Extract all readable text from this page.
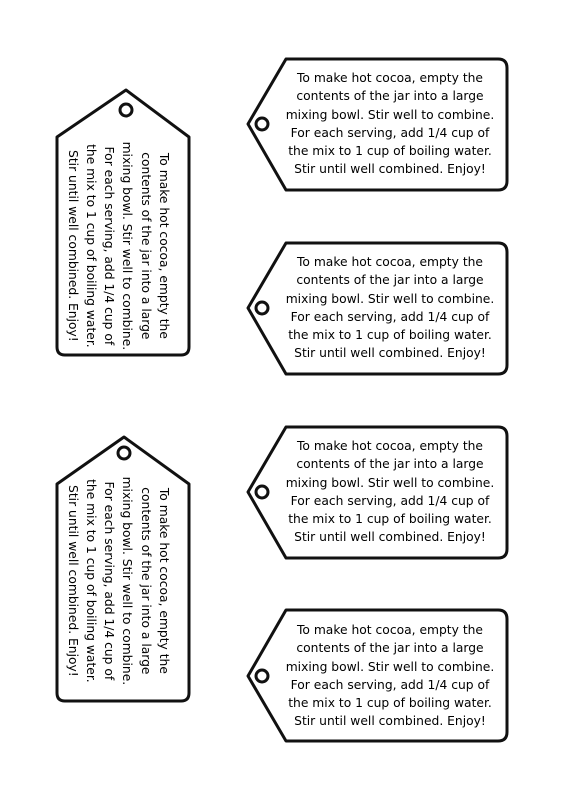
To make hot cocoa, empty the
contents of the jar into a large
mixing bowl. Stir well to combine.
For each serving, add 1/4 cup of
the mix to 1 cup of boiling water.
Stir until well combined. Enjoy!
To make hot cocoa, empty the
contents of the jar into a large
mixing bowl. Stir well to combine.
For each serving, add 1/4 cup of
the mix to 1 cup of boiling water.
Stir until well combined. Enjoy!
To make hot cocoa, empty the
contents of the jar into a large
mixing bowl. Stir well to combine.
For each serving, add 1/4 cup of
the mix to 1 cup of boiling water.
Stir until well combined. Enjoy!
To make hot cocoa, empty the
contents of the jar into a large
mixing bowl. Stir well to combine.
For each serving, add 1/4 cup of
the mix to 1 cup of boiling water.
Stir until well combined. Enjoy!
To make hot cocoa, empty the
contents of the jar into a large
mixing bowl. Stir well to combine.
For each serving, add 1/4 cup of
the mix to 1 cup of boiling water.
Stir until well combined. Enjoy!
To make hot cocoa, empty the
contents of the jar into a large
mixing bowl. Stir well to combine.
For each serving, add 1/4 cup of
the mix to 1 cup of boiling water.
Stir until well combined. Enjoy!
